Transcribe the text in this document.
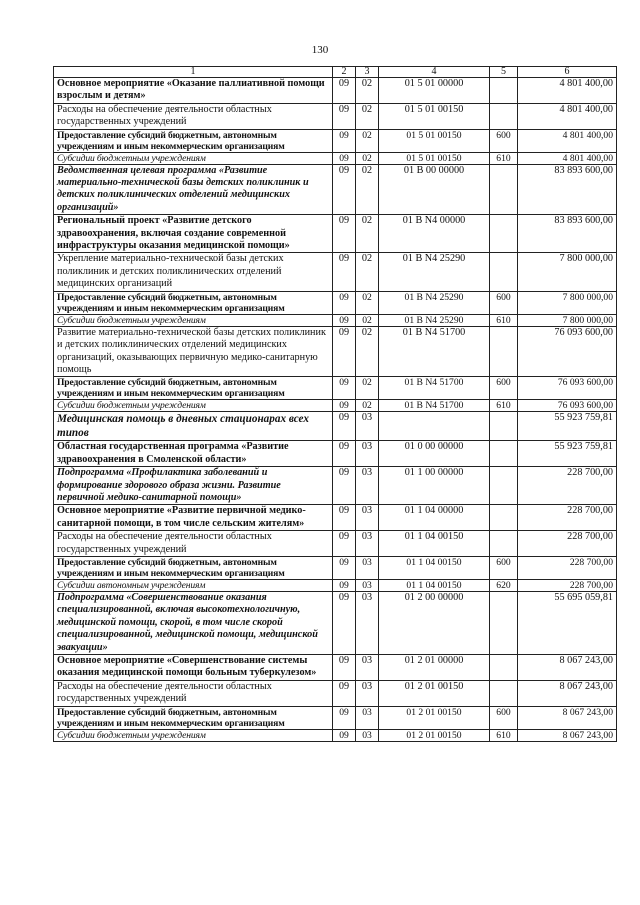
130
1	2	3	4	5	6
Основное мероприятие «Оказание паллиативной помощи взрослым и детям»	09	02	01 5 01 00000		4 801 400,00
Расходы на обеспечение деятельности областных государственных учреждений	09	02	01 5 01 00150		4 801 400,00
Предоставление субсидий бюджетным, автономным учреждениям и иным некоммерческим организациям	09	02	01 5 01 00150	600	4 801 400,00
Субсидии бюджетным учреждениям	09	02	01 5 01 00150	610	4 801 400,00
Ведомственная целевая программа «Развитие материально-технической базы детских поликлиник и детских поликлинических отделений медицинских организаций»	09	02	01 В 00 00000		83 893 600,00
Региональный проект «Развитие детского здравоохранения, включая создание современной инфраструктуры оказания медицинской помощи»	09	02	01 В N4 00000		83 893 600,00
Укрепление материально-технической базы детских поликлиник и детских поликлинических отделений медицинских организаций	09	02	01 В N4 25290		7 800 000,00
Предоставление субсидий бюджетным, автономным учреждениям и иным некоммерческим организациям	09	02	01 В N4 25290	600	7 800 000,00
Субсидии бюджетным учреждениям	09	02	01 В N4 25290	610	7 800 000,00
Развитие материально-технической базы детских поликлиник и детских поликлинических отделений медицинских организаций, оказывающих первичную медико-санитарную помощь	09	02	01 В N4 51700		76 093 600,00
Предоставление субсидий бюджетным, автономным учреждениям и иным некоммерческим организациям	09	02	01 В N4 51700	600	76 093 600,00
Субсидии бюджетным учреждениям	09	02	01 В N4 51700	610	76 093 600,00
Медицинская помощь в дневных стационарах всех типов	09	03			55 923 759,81
Областная государственная программа «Развитие здравоохранения в Смоленской области»	09	03	01 0 00 00000		55 923 759,81
Подпрограмма «Профилактика заболеваний и формирование здорового образа жизни. Развитие первичной медико-санитарной помощи»	09	03	01 1 00 00000		228 700,00
Основное мероприятие «Развитие первичной медико-санитарной помощи, в том числе сельским жителям»	09	03	01 1 04 00000		228 700,00
Расходы на обеспечение деятельности областных государственных учреждений	09	03	01 1 04 00150		228 700,00
Предоставление субсидий бюджетным, автономным учреждениям и иным некоммерческим организациям	09	03	01 1 04 00150	600	228 700,00
Субсидии автономным учреждениям	09	03	01 1 04 00150	620	228 700,00
Подпрограмма «Совершенствование оказания специализированной, включая высокотехнологичную, медицинской помощи, скорой, в том числе скорой специализированной, медицинской помощи, медицинской эвакуации»	09	03	01 2 00 00000		55 695 059,81
Основное мероприятие «Совершенствование системы оказания медицинской помощи больным туберкулезом»	09	03	01 2 01 00000		8 067 243,00
Расходы на обеспечение деятельности областных государственных учреждений	09	03	01 2 01 00150		8 067 243,00
Предоставление субсидий бюджетным, автономным учреждениям и иным некоммерческим организациям	09	03	01 2 01 00150	600	8 067 243,00
Субсидии бюджетным учреждениям	09	03	01 2 01 00150	610	8 067 243,00
